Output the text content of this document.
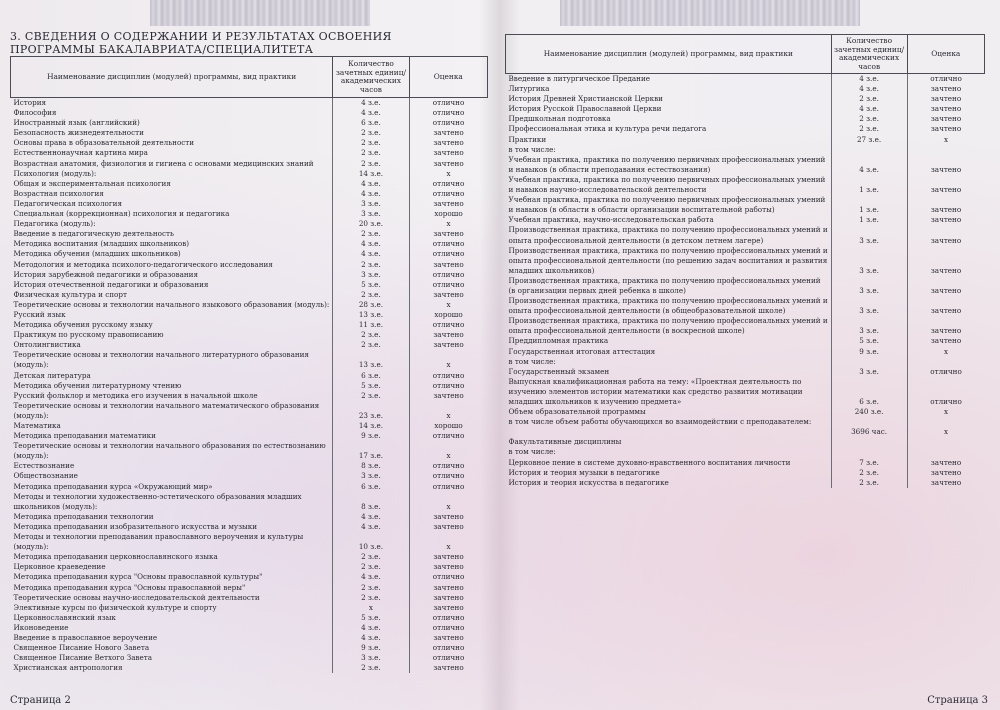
3. СВЕДЕНИЯ О СОДЕРЖАНИИ И РЕЗУЛЬТАТАХ ОСВОЕНИЯ
ПРОГРАММЫ БАКАЛАВРИАТА/СПЕЦИАЛИТЕТА
Наименование дисциплин (модулей) программы, вид практики	Количество зачетных единиц/ академических часов	Оценка
История	4 з.е.	отлично
Философия	4 з.е.	отлично
Иностранный язык (английский)	6 з.е.	отлично
Безопасность жизнедеятельности	2 з.е.	зачтено
Основы права в образовательной деятельности	2 з.е.	зачтено
Естественнонаучная картина мира	2 з.е.	зачтено
Возрастная анатомия, физиология и гигиена с основами медицинских знаний	2 з.е.	зачтено
Психология (модуль):	14 з.е.	х
Общая и экспериментальная психология	4 з.е.	отлично
Возрастная психология	4 з.е.	отлично
Педагогическая психология	3 з.е.	зачтено
Специальная (коррекционная) психология и педагогика	3 з.е.	хорошо
Педагогика (модуль):	20 з.е.	х
Введение в педагогическую деятельность	2 з.е.	зачтено
Методика воспитания (младших школьников)	4 з.е.	отлично
Методика обучения (младших школьников)	4 з.е.	отлично
Методология и методика психолого-педагогического исследования	2 з.е.	зачтено
История зарубежной педагогики и образования	3 з.е.	отлично
История отечественной педагогики и образования	5 з.е.	отлично
Физическая культура и спорт	2 з.е.	зачтено
Теоретические основы и технологии начального языкового образования (модуль):	28 з.е.	х
Русский язык	13 з.е.	хорошо
Методика обучения русскому языку	11 з.е.	отлично
Практикум по русскому правописанию	2 з.е.	зачтено
Онтолингвистика	2 з.е.	зачтено
Теоретические основы и технологии начального литературного образования		
(модуль):	13 з.е.	х
Детская литература	6 з.е.	отлично
Методика обучения литературному чтению	5 з.е.	отлично
Русский фольклор и методика его изучения в начальной школе	2 з.е.	зачтено
Теоретические основы и технологии начального математического образования		
(модуль):	23 з.е.	х
Математика	14 з.е.	хорошо
Методика преподавания математики	9 з.е.	отлично
Теоретические основы и технологии начального образования по естествознанию		
(модуль):	17 з.е.	х
Естествознание	8 з.е.	отлично
Обществознание	3 з.е.	отлично
Методика преподавания курса «Окружающий мир»	6 з.е.	отлично
Методы и технологии художественно-эстетического образования младших		
школьников (модуль):	8 з.е.	х
Методика преподавания технологии	4 з.е.	зачтено
Методика преподавания изобразительного искусства и музыки	4 з.е.	зачтено
Методы и технологии преподавания православного вероучения и культуры		
(модуль):	10 з.е.	х
Методика преподавания церковнославянского языка	2 з.е.	зачтено
Церковное краеведение	2 з.е.	зачтено
Методика преподавания курса "Основы православной культуры"	4 з.е.	отлично
Методика преподавания курса "Основы православной веры"	2 з.е.	зачтено
Теоретические основы научно-исследовательской деятельности	2 з.е.	зачтено
Элективные курсы по физической культуре и спорту	х	зачтено
Церковнославянский язык	5 з.е.	отлично
Иконоведение	4 з.е.	отлично
Введение в православное вероучение	4 з.е.	зачтено
Священное Писание Нового Завета	9 з.е.	отлично
Священное Писание Ветхого Завета	3 з.е.	отлично
Христианская антропология	2 з.е.	зачтено
Страница 2
Наименование дисциплин (модулей) программы, вид практики	Количество зачетных единиц/ академических часов	Оценка
Введение в литургическое Предание	4 з.е.	отлично
Литургика	4 з.е.	зачтено
История Древней Христианской Церкви	2 з.е.	зачтено
История Русской Православной Церкви	4 з.е.	зачтено
Предшкольная подготовка	2 з.е.	зачтено
Профессиональная этика и культура речи педагога	2 з.е.	зачтено
Практики	27 з.е.	х
в том числе:		
Учебная практика, практика по получению первичных профессиональных умений		
и навыков (в области преподавания естествознания)	4 з.е.	зачтено
Учебная практика, практика по получению первичных профессиональных умений		
и навыков научно-исследовательской деятельности	1 з.е.	зачтено
Учебная практика, практика по получению первичных профессиональных умений		
и навыков (в области в области организации воспитательной работы)	1 з.е.	зачтено
Учебная практика, научно-исследовательская работа	1 з.е.	зачтено
Производственная практика, практика по получению профессиональных умений и		
опыта профессиональной деятельности (в детском летнем лагере)	3 з.е.	зачтено
Производственная практика, практика по получению профессиональных умений и		
опыта профессиональной деятельности (по решению задач воспитания и развития		
младших школьников)	3 з.е.	зачтено
Производственная практика, практика по получению профессиональных умений		
(в организации первых дней ребенка в школе)	3 з.е.	зачтено
Производственная практика, практика по получению профессиональных умений и		
опыта профессиональной деятельности (в общеобразовательной школе)	3 з.е.	зачтено
Производственная практика, практика по получению профессиональных умений и		
опыта профессиональной деятельности (в воскресной школе)	3 з.е.	зачтено
Преддипломная практика	5 з.е.	зачтено
Государственная итоговая аттестация	9 з.е.	х
в том числе:		
Государственный экзамен	3 з.е.	отлично
Выпускная квалификационная работа на тему: «Проектная деятельность по		
изучению элементов истории математики как средство развития мотивации		
младших школьников к изучению предмета»	6 з.е.	отлично
Объем образовательной программы	240 з.е.	х
в том числе объем работы обучающихся во взаимодействии с преподавателем:		
	3696 час.	х
Факультативные дисциплины		
в том числе:		
Церковное пение в системе духовно-нравственного воспитания личности	7 з.е.	зачтено
История и теория музыки в педагогике	2 з.е.	зачтено
История и теория искусства в педагогике	2 з.е.	зачтено
Страница 3
